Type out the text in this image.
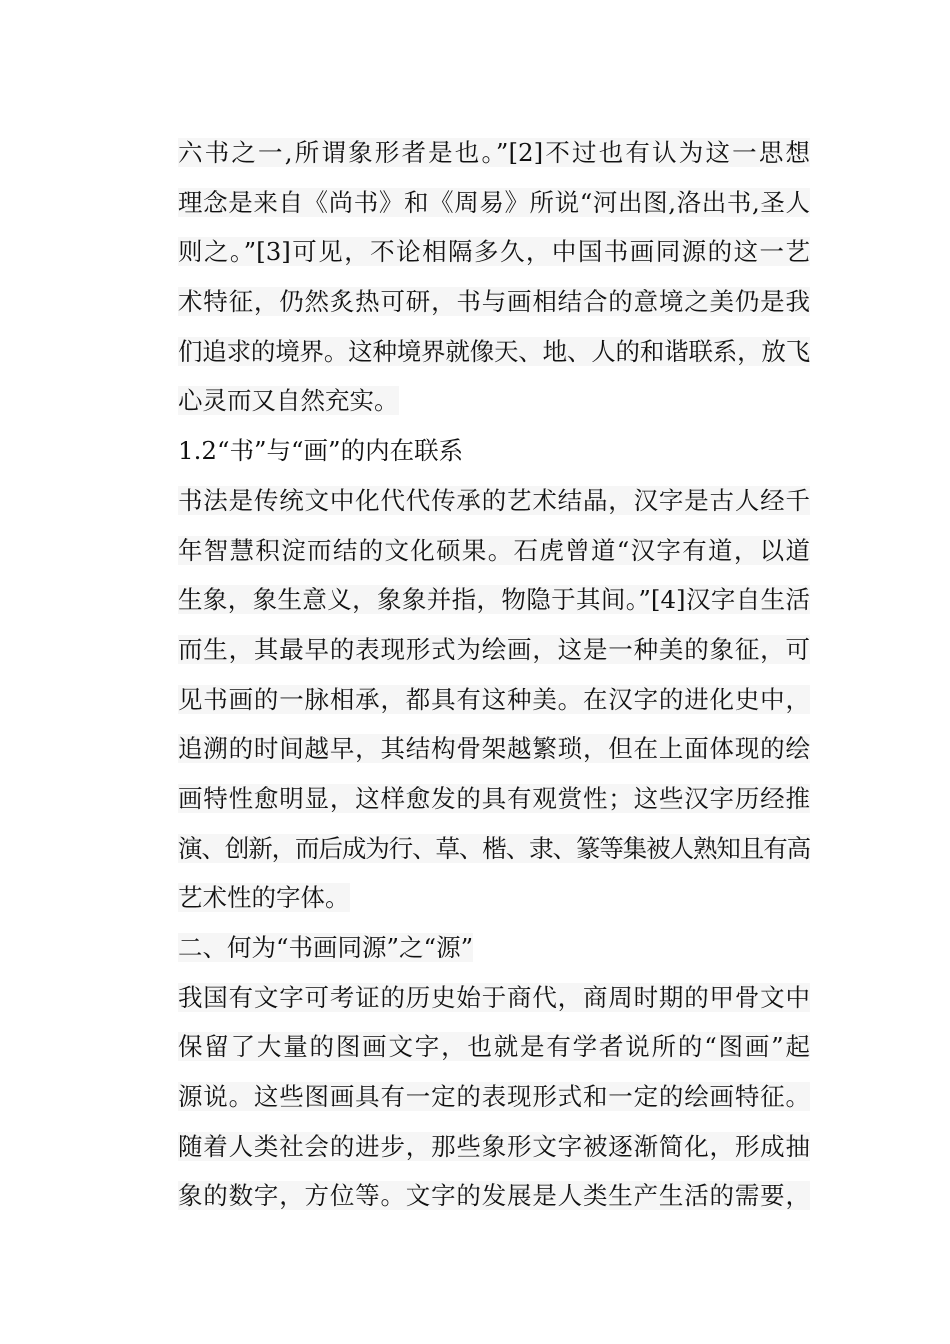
六书之一,所谓象形者是也。”[2]不过也有认为这一思想
理念是来自《尚书》和《周易》所说“河出图,洛出书,圣人
则之。”[3]可见，不论相隔多久，中国书画同源的这一艺
术特征，仍然炙热可研，书与画相结合的意境之美仍是我
们追求的境界。这种境界就像天、地、人的和谐联系，放飞
心灵而又自然充实。
1.2“书”与“画”的内在联系
书法是传统文中化代代传承的艺术结晶，汉字是古人经千
年智慧积淀而结的文化硕果。石虎曾道“汉字有道，以道
生象，象生意义，象象并指，物隐于其间。”[4]汉字自生活
而生，其最早的表现形式为绘画，这是一种美的象征，可
见书画的一脉相承，都具有这种美。在汉字的进化史中，
追溯的时间越早，其结构骨架越繁琐，但在上面体现的绘
画特性愈明显，这样愈发的具有观赏性；这些汉字历经推
演、创新，而后成为行、草、楷、隶、篆等集被人熟知且有高
艺术性的字体。
二、何为“书画同源”之“源”
我国有文字可考证的历史始于商代，商周时期的甲骨文中
保留了大量的图画文字，也就是有学者说所的“图画”起
源说。这些图画具有一定的表现形式和一定的绘画特征。
随着人类社会的进步，那些象形文字被逐渐简化，形成抽
象的数字，方位等。文字的发展是人类生产生活的需要，
